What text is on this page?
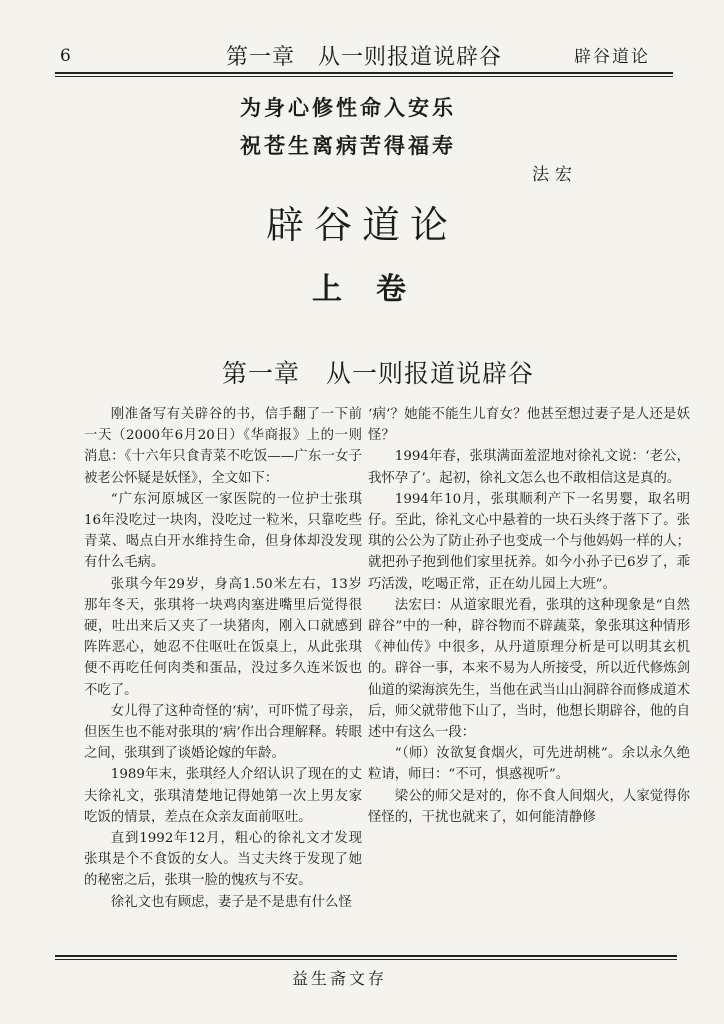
6	第一章　从一则报道说辟谷	辟谷道论
为身心修性命入安乐
祝苍生离病苦得福寿
法宏
辟谷道论
上卷
第一章　从一则报道说辟谷

刚准备写有关辟谷的书，信手翻了一下前一天（2000年6月20日）《华商报》上的一则消息：《十六年只食青菜不吃饭——广东一女子被老公怀疑是妖怪》，全文如下：

“广东河原城区一家医院的一位护士张琪16年没吃过一块肉，没吃过一粒米，只靠吃些青菜、喝点白开水维持生命，但身体却没发现有什么毛病。

张琪今年29岁，身高1.50米左右，13岁那年冬天，张琪将一块鸡肉塞进嘴里后觉得很硬，吐出来后又夹了一块猪肉，刚入口就感到阵阵恶心，她忍不住呕吐在饭桌上，从此张琪便不再吃任何肉类和蛋品，没过多久连米饭也不吃了。

女儿得了这种奇怪的‘病’，可吓慌了母亲，但医生也不能对张琪的‘病’作出合理解释。转眼之间，张琪到了谈婚论嫁的年龄。

1989年末，张琪经人介绍认识了现在的丈夫徐礼文，张琪清楚地记得她第一次上男友家吃饭的情景，差点在众亲友面前呕吐。

直到1992年12月，粗心的徐礼文才发现张琪是个不食饭的女人。当丈夫终于发现了她的秘密之后，张琪一脸的愧疚与不安。

徐礼文也有顾虑，妻子是不是患有什么怪

‘病’？她能不能生儿育女？他甚至想过妻子是人还是妖怪？

1994年春，张琪满面羞涩地对徐礼文说：‘老公，我怀孕了’。起初，徐礼文怎么也不敢相信这是真的。

1994年10月，张琪顺利产下一名男婴，取名明仔。至此，徐礼文心中悬着的一块石头终于落下了。张琪的公公为了防止孙子也变成一个与他妈妈一样的人；就把孙子抱到他们家里抚养。如今小孙子已6岁了，乖巧活泼，吃喝正常，正在幼儿园上大班”。

法宏曰：从道家眼光看，张琪的这种现象是“自然辟谷”中的一种，辟谷物而不辟蔬菜，象张琪这种情形《神仙传》中很多，从丹道原理分析是可以明其玄机的。辟谷一事，本来不易为人所接受，所以近代修炼剑仙道的梁海滨先生，当他在武当山山洞辟谷而修成道术后，师父就带他下山了，当时，他想长期辟谷，他的自述中有这么一段：

“（师）汝欲复食烟火，可先进胡桃”。余以永久绝粒请，师曰：“不可，惧惑视听”。

梁公的师父是对的，你不食人间烟火，人家觉得你怪怪的，干扰也就来了，如何能清静修

益生斋文存
